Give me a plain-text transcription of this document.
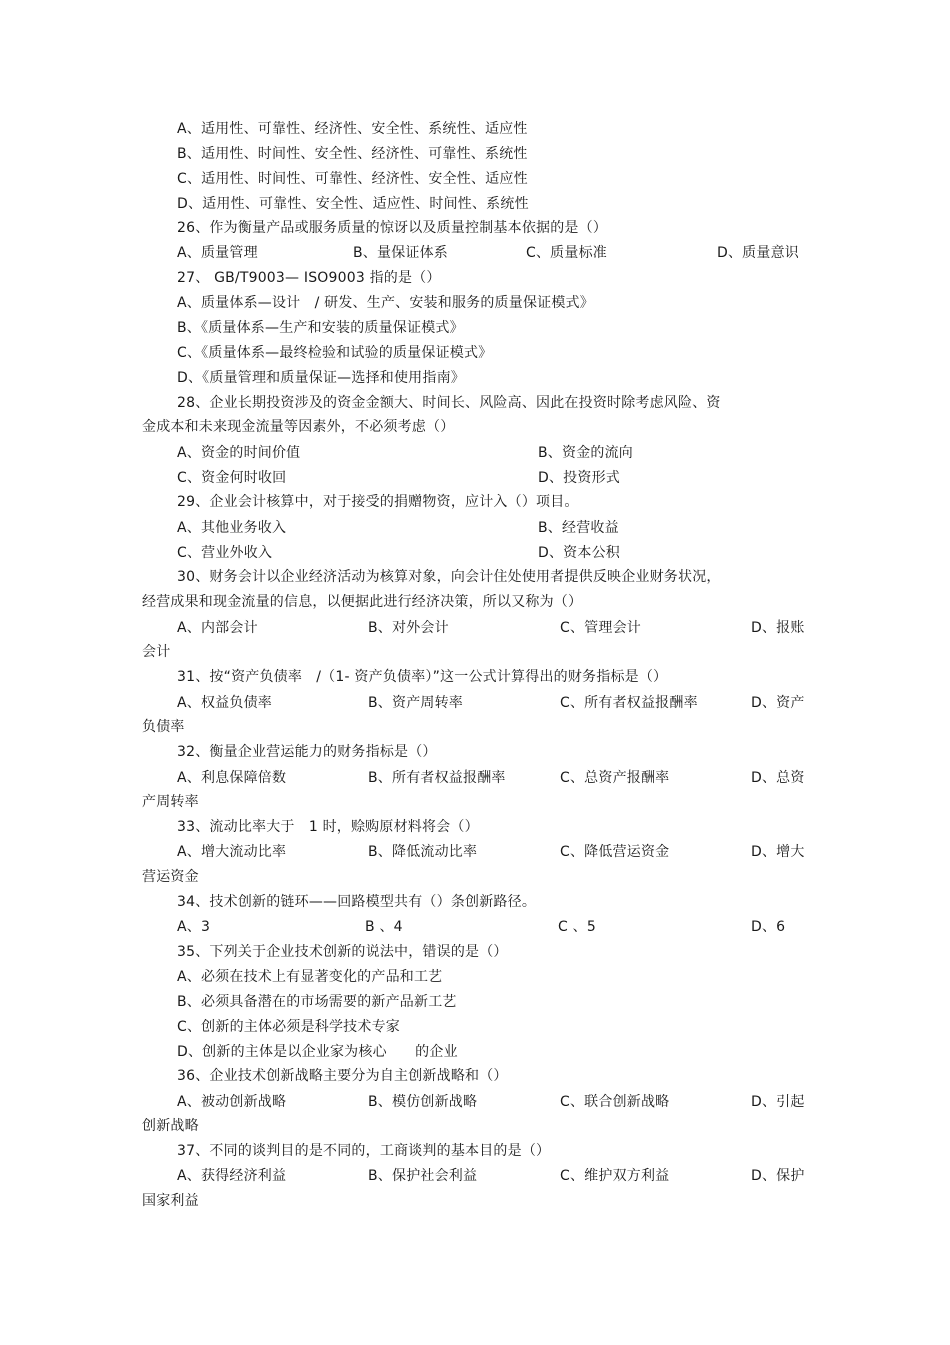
A、适用性、可靠性、经济性、安全性、系统性、适应性
B、适用性、时间性、安全性、经济性、可靠性、系统性
C、适用性、时间性、可靠性、经济性、安全性、适应性
D、适用性、可靠性、安全性、适应性、时间性、系统性
26、作为衡量产品或服务质量的惊讶以及质量控制基本依据的是（）
A、质量管理	B、量保证体系	C、质量标准	D、质量意识
27、 GB/T9003— ISO9003 指的是（）
A、质量体系—设计　/ 研发、生产、安装和服务的质量保证模式》
B、《质量体系—生产和安装的质量保证模式》
C、《质量体系—最终检验和试验的质量保证模式》
D、《质量管理和质量保证—选择和使用指南》
28、企业长期投资涉及的资金金额大、时间长、风险高、因此在投资时除考虑风险、资
金成本和未来现金流量等因素外，不必须考虑（）
A、资金的时间价值	B、资金的流向
C、资金何时收回	D、投资形式
29、企业会计核算中，对于接受的捐赠物资，应计入（）项目。
A、其他业务收入	B、经营收益
C、营业外收入	D、资本公积
30、财务会计以企业经济活动为核算对象，向会计住处使用者提供反映企业财务状况，
经营成果和现金流量的信息，以便据此进行经济决策，所以又称为（）
A、内部会计	B、对外会计	C、管理会计	D、报账
会计
31、按“资产负债率　/（1- 资产负债率）”这一公式计算得出的财务指标是（）
A、权益负债率	B、资产周转率	C、所有者权益报酬率	D、资产
负债率
32、衡量企业营运能力的财务指标是（）
A、利息保障倍数	B、所有者权益报酬率	C、总资产报酬率	D、总资
产周转率
33、流动比率大于　1 时，赊购原材料将会（）
A、增大流动比率	B、降低流动比率	C、降低营运资金	D、增大
营运资金
34、技术创新的链环——回路模型共有（）条创新路径。
A、3	B 、4	C 、5	D、6
35、下列关于企业技术创新的说法中，错误的是（）
A、必须在技术上有显著变化的产品和工艺
B、必须具备潜在的市场需要的新产品新工艺
C、创新的主体必须是科学技术专家
D、创新的主体是以企业家为核心　　的企业
36、企业技术创新战略主要分为自主创新战略和（）
A、被动创新战略	B、模仿创新战略	C、联合创新战略	D、引起
创新战略
37、不同的谈判目的是不同的，工商谈判的基本目的是（）
A、获得经济利益	B、保护社会利益	C、维护双方利益	D、保护
国家利益
